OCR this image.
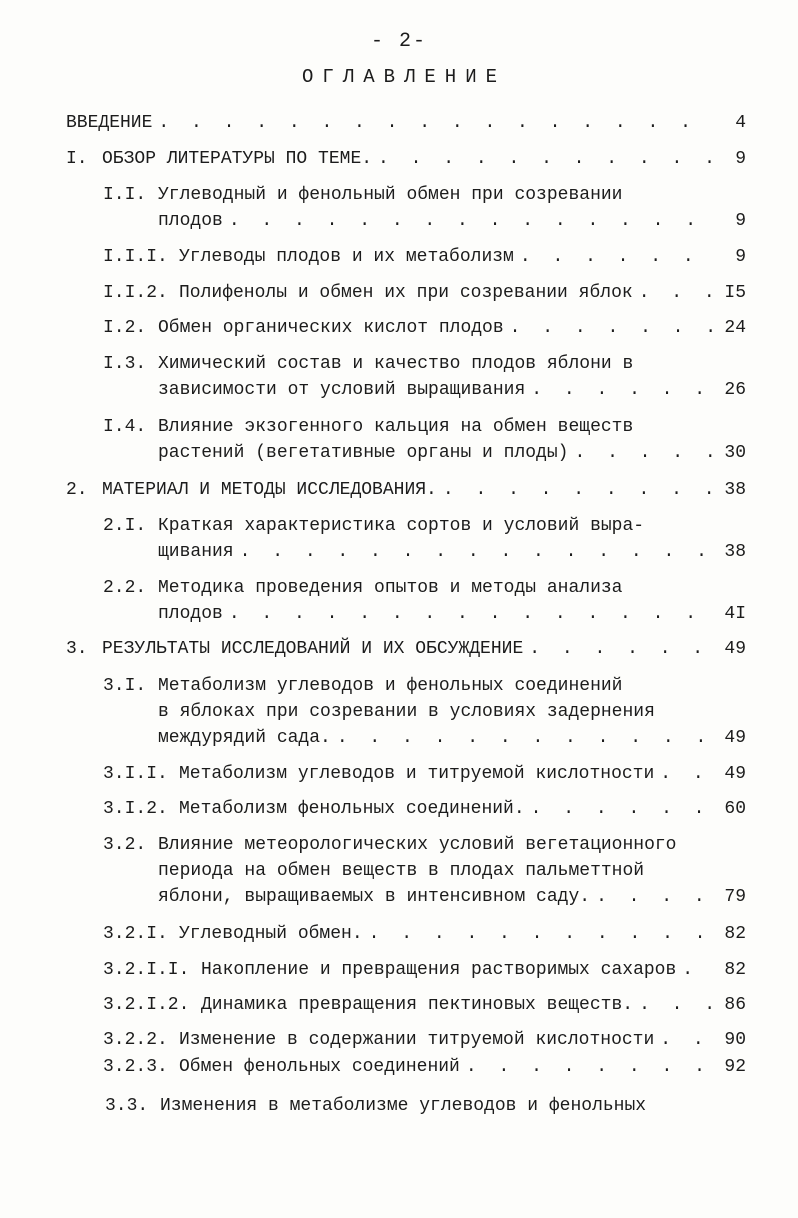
- 2-
ОГЛАВЛЕНИЕ
ВВЕДЕНИЕ . . .	4
I. ОБЗОР ЛИТЕРАТУРЫ ПО ТЕМЕ. . . .	9
I.I. Углеводный и фенольный обмен при созревании
плодов . . .	9
I.I.I. Углеводы плодов и их метаболизм . . .	9
I.I.2. Полифенолы и обмен их при созревании яблок . . .	I5
I.2. Обмен органических кислот плодов . . .	24
I.3. Химический состав и качество плодов яблони в
зависимости от условий выращивания . . .	26
I.4. Влияние экзогенного кальция на обмен веществ
растений (вегетативные органы и плоды) . . .	30
2. МАТЕРИАЛ И МЕТОДЫ ИССЛЕДОВАНИЯ. . . .	38
2.I. Краткая характеристика сортов и условий выра-
щивания . . .	38
2.2. Методика проведения опытов и методы анализа
плодов . . .	4I
3. РЕЗУЛЬТАТЫ ИССЛЕДОВАНИЙ И ИХ ОБСУЖДЕНИЕ . . .	49
3.I. Метаболизм углеводов и фенольных соединений
в яблоках при созревании в условиях задернения
междурядий сада. . . .	49
3.I.I. Метаболизм углеводов и титруемой кислотности . . .	49
3.I.2. Метаболизм фенольных соединений. . . .	60
3.2. Влияние метеорологических условий вегетационного
периода на обмен веществ в плодах пальметтной
яблони, выращиваемых в интенсивном саду. . . .	79
3.2.I. Углеводный обмен. . . .	82
3.2.I.I. Накопление и превращения растворимых сахаров . . .	82
3.2.I.2. Динамика превращения пектиновых веществ. . . .	86
3.2.2. Изменение в содержании титруемой кислотности . . .	90
3.2.3. Обмен фенольных соединений . . .	92
3.3. Изменения в метаболизме углеводов и фенольных
